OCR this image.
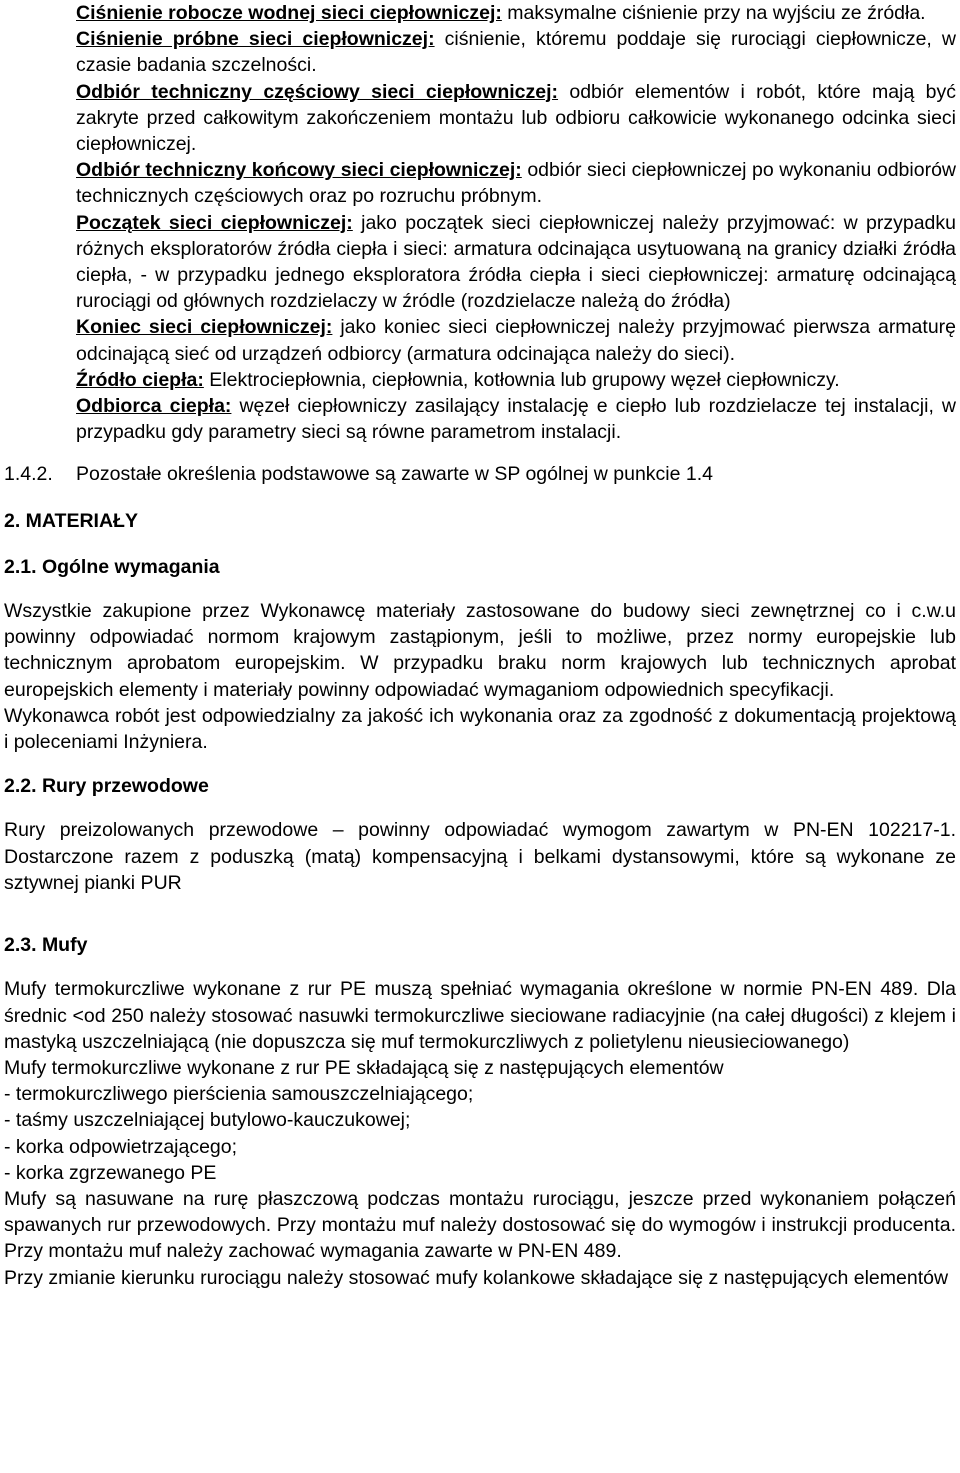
Ciśnienie robocze wodnej sieci ciepłowniczej: maksymalne ciśnienie przy na wyjściu ze źródła.

Ciśnienie próbne sieci ciepłowniczej: ciśnienie, któremu poddaje się rurociągi ciepłownicze, w czasie badania szczelności.

Odbiór techniczny częściowy sieci ciepłowniczej: odbiór elementów i robót, które mają być zakryte przed całkowitym zakończeniem montażu lub odbioru całkowicie wykonanego odcinka sieci ciepłowniczej.

Odbiór techniczny końcowy sieci ciepłowniczej: odbiór sieci ciepłowniczej po wykonaniu odbiorów technicznych częściowych oraz po rozruchu próbnym.

Początek sieci ciepłowniczej: jako początek sieci ciepłowniczej należy przyjmować: w przypadku różnych eksploratorów źródła ciepła i sieci: armatura odcinająca usytuowaną na granicy działki źródła ciepła, - w przypadku jednego eksploratora źródła ciepła i sieci ciepłowniczej: armaturę odcinającą rurociągi od głównych rozdzielaczy w źródle (rozdzielacze należą do źródła)

Koniec sieci ciepłowniczej: jako koniec sieci ciepłowniczej należy przyjmować pierwsza armaturę odcinającą sieć od urządzeń odbiorcy (armatura odcinająca należy do sieci).

Źródło ciepła: Elektrociepłownia, ciepłownia, kotłownia lub grupowy węzeł ciepłowniczy.

Odbiorca ciepła: węzeł ciepłowniczy zasilający instalację e ciepło lub rozdzielacze tej instalacji, w przypadku gdy parametry sieci są równe parametrom instalacji.

1.4.2.	Pozostałe określenia podstawowe są zawarte w SP ogólnej w punkcie 1.4
2. MATERIAŁY
2.1. Ogólne wymagania

Wszystkie zakupione przez Wykonawcę materiały zastosowane do budowy sieci zewnętrznej co i c.w.u powinny odpowiadać normom krajowym zastąpionym, jeśli to możliwe, przez normy europejskie lub technicznym aprobatom europejskim. W przypadku braku norm krajowych lub technicznych aprobat europejskich elementy i materiały powinny odpowiadać wymaganiom odpowiednich specyfikacji.

Wykonawca robót jest odpowiedzialny za jakość ich wykonania oraz za zgodność z dokumentacją projektową i poleceniami Inżyniera.

2.2. Rury przewodowe

Rury preizolowanych przewodowe – powinny odpowiadać wymogom zawartym w PN-EN 102217-1. Dostarczone razem z poduszką (matą) kompensacyjną i belkami dystansowymi, które są wykonane ze sztywnej pianki PUR

2.3. Mufy

Mufy termokurczliwe wykonane z rur PE muszą spełniać wymagania określone w normie PN-EN 489. Dla średnic <od 250 należy stosować nasuwki termokurczliwe sieciowane radiacyjnie (na całej długości) z klejem i mastyką uszczelniającą (nie dopuszcza się muf termokurczliwych z polietylenu nieusieciowanego)

Mufy termokurczliwe wykonane z rur PE składającą się z następujących elementów

- termokurczliwego pierścienia samouszczelniającego;

- taśmy uszczelniającej butylowo-kauczukowej;

- korka odpowietrzającego;

- korka zgrzewanego PE

Mufy są nasuwane na rurę płaszczową podczas montażu rurociągu, jeszcze przed wykonaniem połączeń spawanych rur przewodowych. Przy montażu muf należy dostosować się do wymogów i instrukcji producenta. Przy montażu muf należy zachować wymagania zawarte w PN-EN 489.

Przy zmianie kierunku rurociągu należy stosować mufy kolankowe składające się z następujących elementów
